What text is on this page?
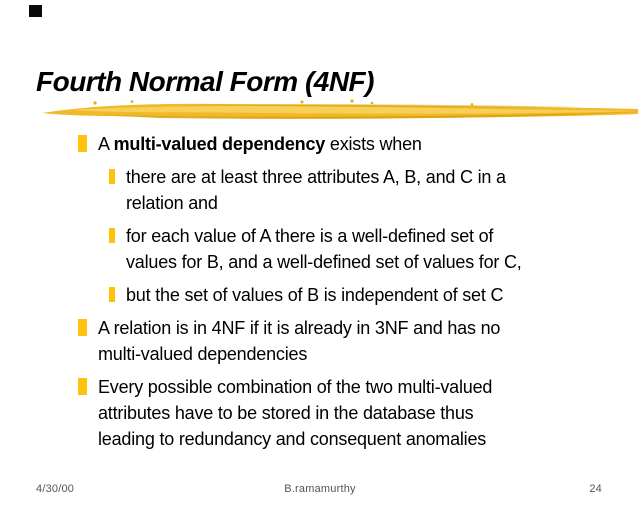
Fourth Normal Form (4NF)
A multi-valued dependency exists when
there are at least three attributes A, B, and C in a
relation and
for each value of A there is a well-defined set of
values for B, and a well-defined set of values for C,
but the set of values of B is independent of set C
A relation is in 4NF if it is already in 3NF and has no
multi-valued dependencies
Every possible combination of the two multi-valued
attributes have to be stored in the database thus
leading to redundancy and consequent anomalies
4/30/00	B.ramamurthy	24
